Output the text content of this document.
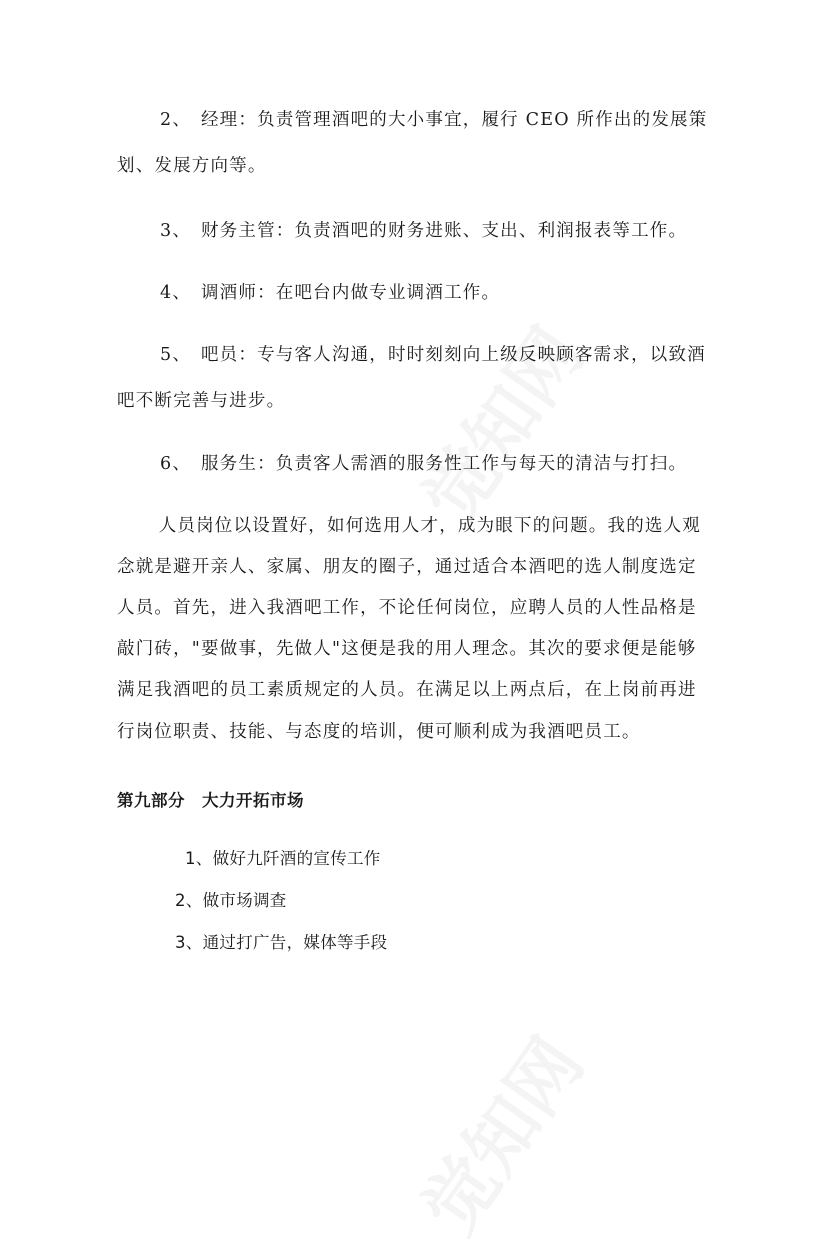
2、　经理：负责管理酒吧的大小事宜，履行 CEO 所作出的发展策
划、发展方向等。
3、　财务主管：负责酒吧的财务进账、支出、利润报表等工作。
4、　调酒师：在吧台内做专业调酒工作。
5、　吧员：专与客人沟通，时时刻刻向上级反映顾客需求，以致酒
吧不断完善与进步。
6、　服务生：负责客人需酒的服务性工作与每天的清洁与打扫。
　人员岗位以设置好，如何选用人才，成为眼下的问题。我的选人观
念就是避开亲人、家属、朋友的圈子，通过适合本酒吧的选人制度选定
人员。首先，进入我酒吧工作，不论任何岗位，应聘人员的人性品格是
敲门砖，"要做事，先做人"这便是我的用人理念。其次的要求便是能够
满足我酒吧的员工素质规定的人员。在满足以上两点后，在上岗前再进
行岗位职责、技能、与态度的培训，便可顺利成为我酒吧员工。
第九部分　大力开拓市场
1、做好九阡酒的宣传工作
2、做市场调查
3、通过打广告，媒体等手段
